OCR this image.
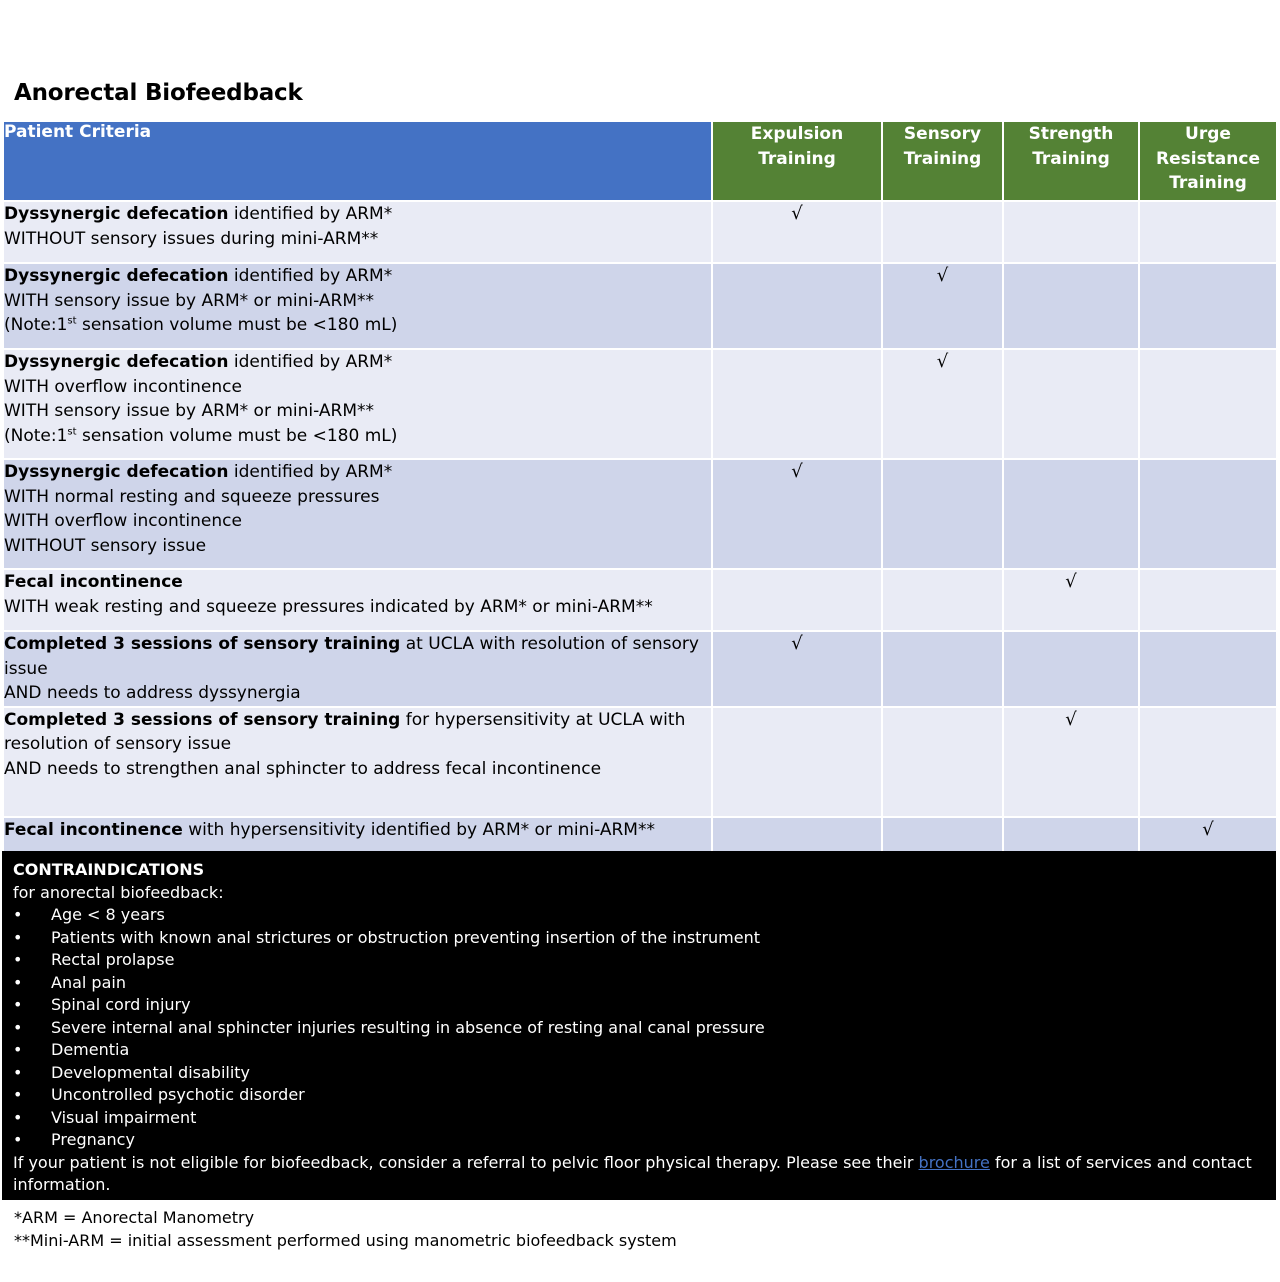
Anorectal Biofeedback
Patient Criteria	Expulsion Training	Sensory Training	Strength Training	Urge Resistance Training

Dyssynergic defecation identified by ARM*
WITHOUT sensory issues during mini-ARM**	√			

Dyssynergic defecation identified by ARM*
WITH sensory issue by ARM* or mini-ARM**
(Note:1st sensation volume must be <180 mL)		√		

Dyssynergic defecation identified by ARM*
WITH overflow incontinence
WITH sensory issue by ARM* or mini-ARM**
(Note:1st sensation volume must be <180 mL)		√		

Dyssynergic defecation identified by ARM*
WITH normal resting and squeeze pressures
WITH overflow incontinence
WITHOUT sensory issue	√			

Fecal incontinence
WITH weak resting and squeeze pressures indicated by ARM* or mini-ARM**			√	

Completed 3 sessions of sensory training at UCLA with resolution of sensory issue
AND needs to address dyssynergia	√			

Completed 3 sessions of sensory training for hypersensitivity at UCLA with
resolution of sensory issue
AND needs to strengthen anal sphincter to address fecal incontinence			√	

Fecal incontinence with hypersensitivity identified by ARM* or mini-ARM**				√
CONTRAINDICATIONS
for anorectal biofeedback:
• Age < 8 years
• Patients with known anal strictures or obstruction preventing insertion of the instrument
• Rectal prolapse
• Anal pain
• Spinal cord injury
• Severe internal anal sphincter injuries resulting in absence of resting anal canal pressure
• Dementia
• Developmental disability
• Uncontrolled psychotic disorder
• Visual impairment
• Pregnancy
If your patient is not eligible for biofeedback, consider a referral to pelvic floor physical therapy. Please see their brochure for a list of services and contact information.
*ARM = Anorectal Manometry
**Mini-ARM = initial assessment performed using manometric biofeedback system
